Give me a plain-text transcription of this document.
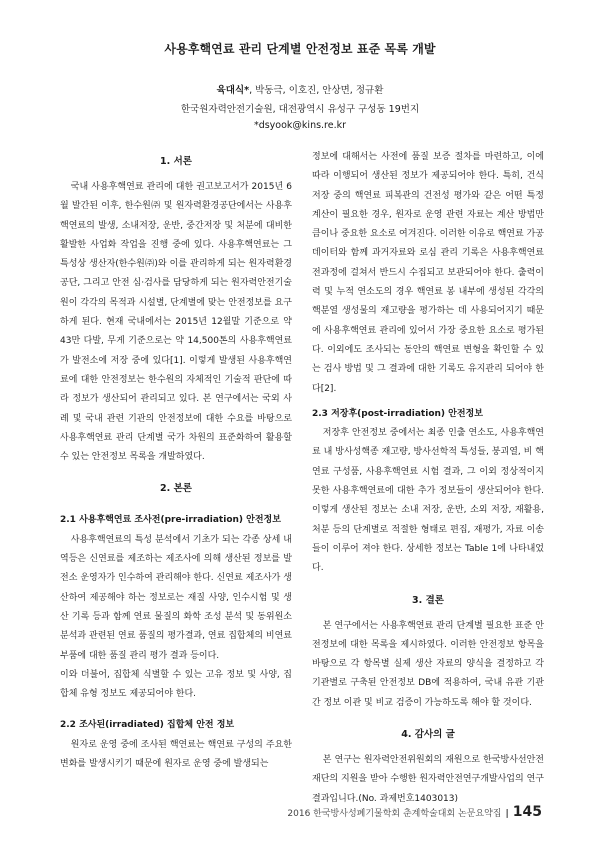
사용후핵연료 관리 단계별 안전정보 표준 목록 개발
육대식*, 박동극, 이호진, 안상면, 정규환
한국원자력안전기술원, 대전광역시 유성구 구성동 19번지
*dsyook@kins.re.kr
1. 서론

국내 사용후핵연료 관리에 대한 권고보고서가 2015년 6월 발간된 이후, 한수원㈜ 및 원자력환경공단에서는 사용후핵연료의 발생, 소내저장, 운반, 중간저장 및 처분에 대비한 활발한 사업화 작업을 진행 중에 있다. 사용후핵연료는 그 특성상 생산자(한수원㈜)와 이를 관리하게 되는 원자력환경공단, 그리고 안전 심·검사를 담당하게 되는 원자력안전기술원이 각각의 목적과 시설별, 단계별에 맞는 안전정보를 요구하게 된다. 현재 국내에서는 2015년 12월말 기준으로 약 43만 다발, 무게 기준으로는 약 14,500톤의 사용후핵연료가 발전소에 저장 중에 있다[1]. 이렇게 발생된 사용후핵연료에 대한 안전정보는 한수원의 자체적인 기술적 판단에 따라 정보가 생산되어 관리되고 있다. 본 연구에서는 국외 사례 및 국내 관련 기관의 안전정보에 대한 수요를 바탕으로 사용후핵연료 관리 단계별 국가 차원의 표준화하여 활용할 수 있는 안전정보 목록을 개발하였다.

2. 본론
2.1 사용후핵연료 조사전(pre-irradiation) 안전정보

사용후핵연료의 특성 분석에서 기초가 되는 각종 상세 내역등은 신연료를 제조하는 제조사에 의해 생산된 정보를 발전소 운영자가 인수하여 관리해야 한다. 신연료 제조사가 생산하여 제공해야 하는 정보로는 재질 사양, 인수시험 및 생산 기록 등과 함께 연료 물질의 화학 조성 분석 및 동위원소 분석과 관련된 연료 품질의 평가결과, 연료 집합체의 비연료 부품에 대한 품질 관리 평가 결과 등이다.

이와 더불어, 집합체 식별할 수 있는 고유 정보 및 사양, 집합체 유형 정보도 제공되어야 한다.

2.2 조사된(irradiated) 집합체 안전 정보

원자로 운영 중에 조사된 핵연료는 핵연료 구성의 주요한 변화를 발생시키기 때문에 원자로 운영 중에 발생되는

정보에 대해서는 사전에 품질 보증 절차를 마련하고, 이에 따라 이행되어 생산된 정보가 제공되어야 한다. 특히, 건식 저장 중의 핵연료 피복관의 건전성 평가와 같은 어떤 특정 계산이 필요한 경우, 원자로 운영 관련 자료는 계산 방법만큼이나 중요한 요소로 여겨진다. 이러한 이유로 핵연료 가공데이터와 함께 과거자료와 로심 관리 기록은 사용후핵연료 전과정에 걸쳐서 반드시 수집되고 보관되어야 한다. 출력이력 및 누적 연소도의 경우 핵연료 봉 내부에 생성된 각각의 핵분열 생성물의 재고량을 평가하는 데 사용되어지기 때문에 사용후핵연료 관리에 있어서 가장 중요한 요소로 평가된다. 이외에도 조사되는 동안의 핵연료 변형을 확인할 수 있는 검사 방법 및 그 결과에 대한 기록도 유지관리 되어야 한다[2].

2.3 저장후(post-irradiation) 안전정보

저장후 안전정보 중에서는 최종 인출 연소도, 사용후핵연료 내 방사성핵종 재고량, 방사선학적 특성들, 붕괴열, 비 핵연료 구성품, 사용후핵연료 시험 결과, 그 이외 정상적이지 못한 사용후핵연료에 대한 추가 정보들이 생산되어야 한다. 이렇게 생산된 정보는 소내 저장, 운반, 소외 저장, 재활용, 처분 등의 단계별로 적절한 형태로 편집, 재평가, 자료 이송들이 이루어 져야 한다. 상세한 정보는 Table 1에 나타내었다.

3. 결론

본 연구에서는 사용후핵연료 관리 단계별 필요한 표준 안전정보에 대한 목록을 제시하였다. 이러한 안전정보 항목을 바탕으로 각 항목별 실제 생산 자료의 양식을 결정하고 각 기관별로 구축된 안전정보 DB에 적용하여, 국내 유관 기관 간 정보 이관 및 비교 검증이 가능하도록 해야 할 것이다.

4. 감사의 글

본 연구는 원자력안전위원회의 재원으로 한국방사선안전재단의 지원을 받아 수행한 원자력안전연구개발사업의 연구결과입니다.(No. 과제번호1403013)

2016 한국방사성폐기물학회 춘계학술대회 논문요약집 | 145
